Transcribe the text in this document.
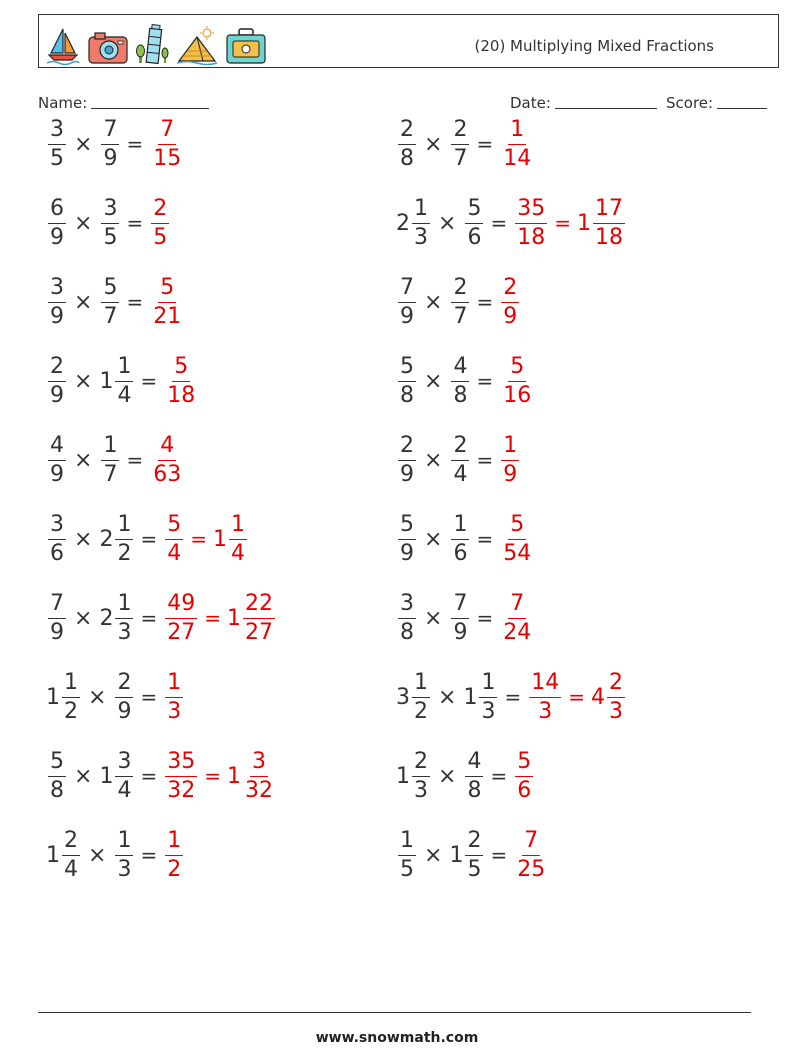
(20) Multiplying Mixed Fractions
Name:	Date:	Score:
$\frac{3}{5} \times \frac{7}{9} = \frac{7}{15}$	$\frac{2}{8} \times \frac{2}{7} = \frac{1}{14}$
$\frac{6}{9} \times \frac{3}{5} = \frac{2}{5}$	$2 \frac{1}{3} \times \frac{5}{6} = \frac{35}{18} = 1 \frac{17}{18}$
$\frac{3}{9} \times \frac{5}{7} = \frac{5}{21}$	$\frac{7}{9} \times \frac{2}{7} = \frac{2}{9}$
$\frac{2}{9} \times 1 \frac{1}{4} = \frac{5}{18}$	$\frac{5}{8} \times \frac{4}{8} = \frac{5}{16}$
$\frac{4}{9} \times \frac{1}{7} = \frac{4}{63}$	$\frac{2}{9} \times \frac{2}{4} = \frac{1}{9}$
$\frac{3}{6} \times 2 \frac{1}{2} = \frac{5}{4} = 1 \frac{1}{4}$	$\frac{5}{9} \times \frac{1}{6} = \frac{5}{54}$
$\frac{7}{9} \times 2 \frac{1}{3} = \frac{49}{27} = 1 \frac{22}{27}$	$\frac{3}{8} \times \frac{7}{9} = \frac{7}{24}$
$1 \frac{1}{2} \times \frac{2}{9} = \frac{1}{3}$	$3 \frac{1}{2} \times 1 \frac{1}{3} = \frac{14}{3} = 4 \frac{2}{3}$
$\frac{5}{8} \times 1 \frac{3}{4} = \frac{35}{32} = 1 \frac{3}{32}$	$1 \frac{2}{3} \times \frac{4}{8} = \frac{5}{6}$
$1 \frac{2}{4} \times \frac{1}{3} = \frac{1}{2}$	$\frac{1}{5} \times 1 \frac{2}{5} = \frac{7}{25}$
www.snowmath.com
